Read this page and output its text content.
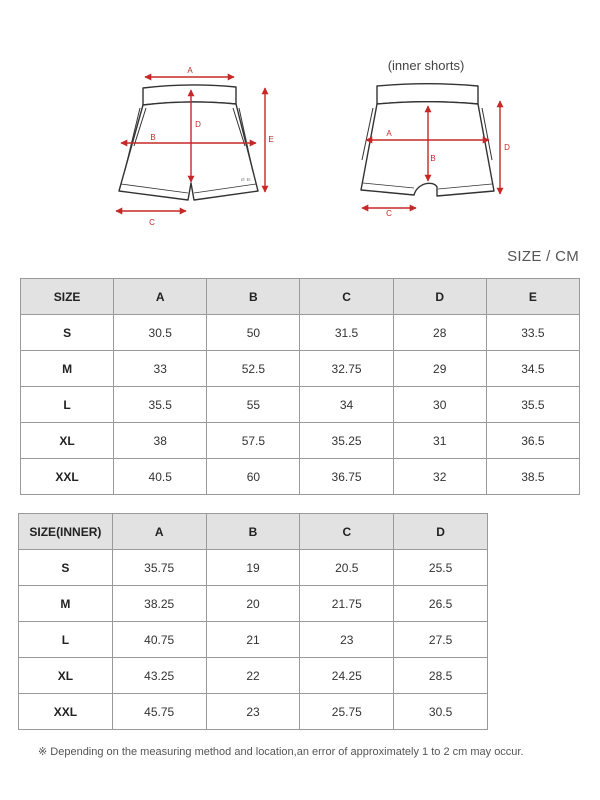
ㄹㅌ
A
B
C
D
E
(inner shorts)
A
B
C
D
SIZE / CM
SIZE	A	B	C	D	E
S	30.5	50	31.5	28	33.5
M	33	52.5	32.75	29	34.5
L	35.5	55	34	30	35.5
XL	38	57.5	35.25	31	36.5
XXL	40.5	60	36.75	32	38.5
SIZE(INNER)	A	B	C	D
S	35.75	19	20.5	25.5
M	38.25	20	21.75	26.5
L	40.75	21	23	27.5
XL	43.25	22	24.25	28.5
XXL	45.75	23	25.75	30.5
※ Depending on the measuring method and location,an error of approximately 1 to 2 cm may occur.
